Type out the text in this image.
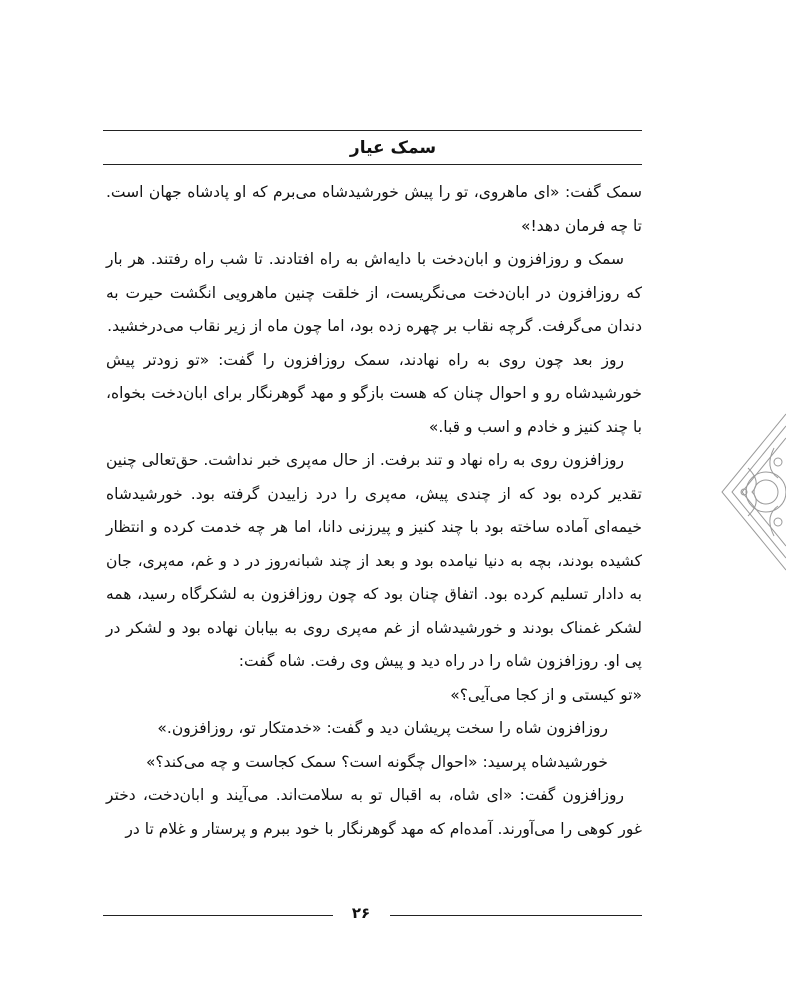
سمک عیار

سمک گفت: «ای ماهروی، تو را پیش خورشیدشاه می‌برم که او پادشاه جهان است. تا چه فرمان دهد!»

سمک و روزافزون و ابان‌دخت با دایه‌اش به راه افتادند. تا شب راه رفتند. هر بار که روزافزون در ابان‌دخت می‌نگریست، از خلقت چنین ماهرویی انگشت حیرت به دندان می‌گرفت. گرچه نقاب بر چهره زده بود، اما چون ماه از زیر نقاب می‌درخشید.

روز بعد چون روی به راه نهادند، سمک روزافزون را گفت: «تو زودتر پیش خورشیدشاه رو و احوال چنان که هست بازگو و مهد گوهرنگار برای ابان‌دخت بخواه، با چند کنیز و خادم و اسب و قبا.»

روزافزون روی به راه نهاد و تند برفت. از حال مه‌پری خبر نداشت. حق‌تعالی چنین تقدیر کرده بود که از چندی پیش، مه‌پری را درد زاییدن گرفته بود. خورشیدشاه خیمه‌ای آماده ساخته بود با چند کنیز و پیرزنی دانا، اما هر چه خدمت کرده و انتظار کشیده بودند، بچه به دنیا نیامده بود و بعد از چند شبانه‌روز در د و غم، مه‌پری، جان به دادار تسلیم کرده بود. اتفاق چنان بود که چون روزافزون به لشکرگاه رسید، همه لشکر غمناک بودند و خورشیدشاه از غم مه‌پری روی به بیابان نهاده بود و لشکر در پی او. روزافزون شاه را در راه دید و پیش وی رفت. شاه گفت:

«تو کیستی و از کجا می‌آیی؟»

روزافزون شاه را سخت پریشان دید و گفت: «خدمتکار تو، روزافزون.»

خورشیدشاه پرسید: «احوال چگونه است؟ سمک کجاست و چه می‌کند؟»

روزافزون گفت: «ای شاه، به اقبال تو به سلامت‌اند. می‌آیند و ابان‌دخت، دختر غور کوهی را می‌آورند. آمده‌ام که مهد گوهرنگار با خود ببرم و پرستار و غلام تا در

۲۶
